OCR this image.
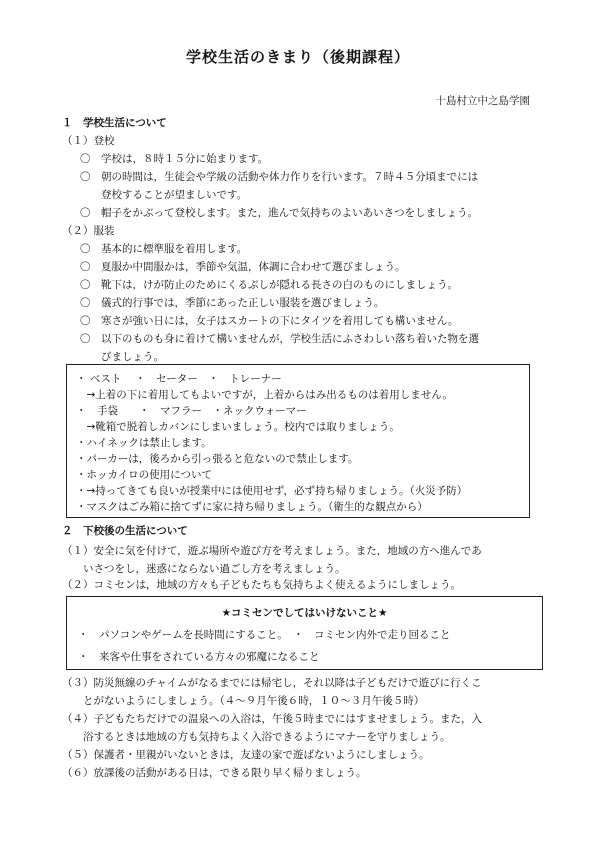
学校生活のきまり（後期課程）
十島村立中之島学園
１　学校生活について
（１）登校
〇　学校は，８時１５分に始まります。
〇　朝の時間は，生徒会や学級の活動や体力作りを行います。７時４５分頃までには
　　登校することが望ましいです。
〇　帽子をかぶって登校します。また，進んで気持ちのよいあいさつをしましょう。
（２）服装
〇　基本的に標準服を着用します。
〇　夏服か中間服かは，季節や気温，体調に合わせて選びましょう。
〇　靴下は，けが防止のためにくるぶしが隠れる長さの白のものにしましょう。
〇　儀式的行事では，季節にあった正しい服装を選びましょう。
〇　寒さが強い日には，女子はスカートの下にタイツを着用しても構いません。
〇　以下のものも身に着けて構いませんが，学校生活にふさわしい落ち着いた物を選
　　びましょう。
・ ベスト　 ・　セーター　・　トレーナー
　→上着の下に着用してもよいですが，上着からはみ出るものは着用しません。
・　手袋　　・　マフラー　・ネックウォーマー
　→靴箱で脱着しカバンにしまいましょう。校内では取りましょう。
・ハイネックは禁止します。
・パーカーは，後ろから引っ張ると危ないので禁止します。
・ホッカイロの使用について
・→持ってきても良いが授業中には使用せず，必ず持ち帰りましょう。（火災予防）
・マスクはごみ箱に捨てずに家に持ち帰りましょう。（衛生的な観点から）
２　下校後の生活について
（１）安全に気を付けて，遊ぶ場所や遊び方を考えましょう。また，地域の方へ進んであ
　　いさつをし，迷惑にならない過ごし方を考えましょう。
（２）コミセンは，地域の方々も子どもたちも気持ちよく使えるようにしましょう。
★コミセンでしてはいけないこと★
・　パソコンやゲームを長時間にすること。　・　コミセン内外で走り回ること
・　来客や仕事をされている方々の邪魔になること
（３）防災無線のチャイムがなるまでには帰宅し，それ以降は子どもだけで遊びに行くこ
　　とがないようにしましょう。（４～９月午後６時，１０～３月午後５時）
（４）子どもたちだけでの温泉への入浴は，午後５時までにはすませましょう。また，入
　　浴するときは地域の方も気持ちよく入浴できるようにマナーを守りましょう。
（５）保護者・里親がいないときは，友達の家で遊ばないようにしましょう。
（６）放課後の活動がある日は，できる限り早く帰りましょう。
